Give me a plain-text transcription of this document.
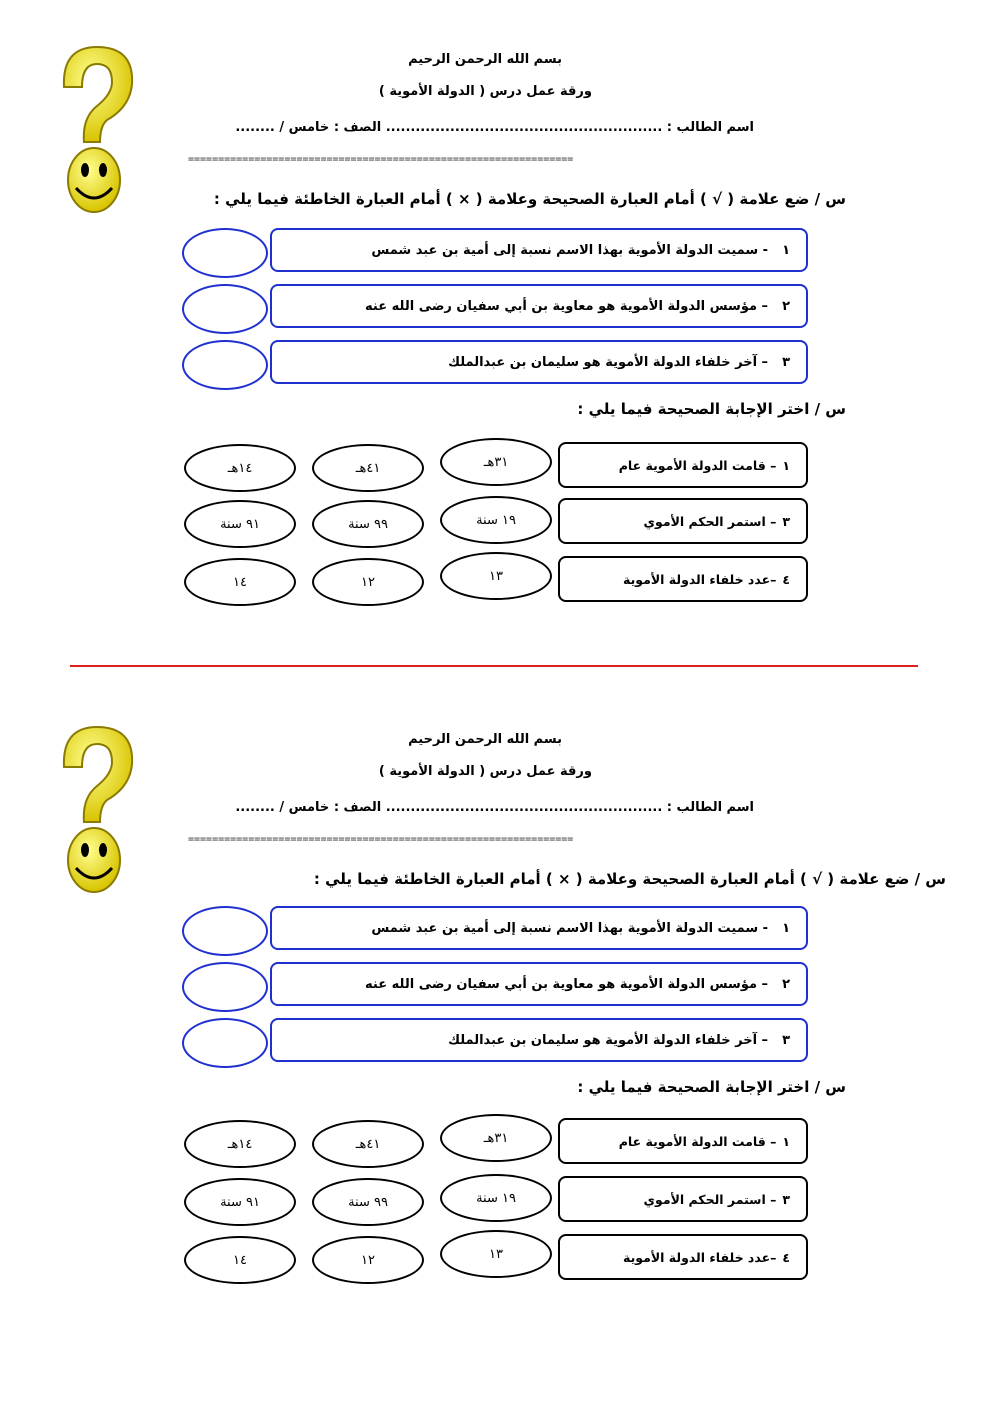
بسم الله الرحمن الرحيم
ورقة عمل درس ( الدولة الأموية )
اسم الطالب : ........................................................ الصف : خامس / ........
================================================================
س / ضع علامة ( √ ) أمام العبارة الصحيحة وعلامة ( × ) أمام العبارة الخاطئة فيما يلي :
١
- سميت الدولة الأموية بهذا الاسم نسبة إلى أمية بن عبد شمس
٢
– مؤسس الدولة الأموية هو معاوية بن أبي سفيان رضى الله عنه
٣
– آخر خلفاء الدولة الأموية هو سليمان بن عبدالملك
س / اختر الإجابة الصحيحة فيما يلي :
١
– قامت الدولة الأموية عام
٣١هـ
٤١هـ
١٤هـ
٣
– استمر الحكم الأموي
١٩ سنة
٩٩ سنة
٩١ سنة
٤
–عدد خلفاء الدولة الأموية
١٣
١٢
١٤
بسم الله الرحمن الرحيم
ورقة عمل درس ( الدولة الأموية )
اسم الطالب : ........................................................ الصف : خامس / ........
================================================================
س / ضع علامة ( √ ) أمام العبارة الصحيحة وعلامة ( × ) أمام العبارة الخاطئة فيما يلي :
١
- سميت الدولة الأموية بهذا الاسم نسبة إلى أمية بن عبد شمس
٢
– مؤسس الدولة الأموية هو معاوية بن أبي سفيان رضى الله عنه
٣
– آخر خلفاء الدولة الأموية هو سليمان بن عبدالملك
س / اختر الإجابة الصحيحة فيما يلي :
١
– قامت الدولة الأموية عام
٣١هـ
٤١هـ
١٤هـ
٣
– استمر الحكم الأموي
١٩ سنة
٩٩ سنة
٩١ سنة
٤
–عدد خلفاء الدولة الأموية
١٣
١٢
١٤
